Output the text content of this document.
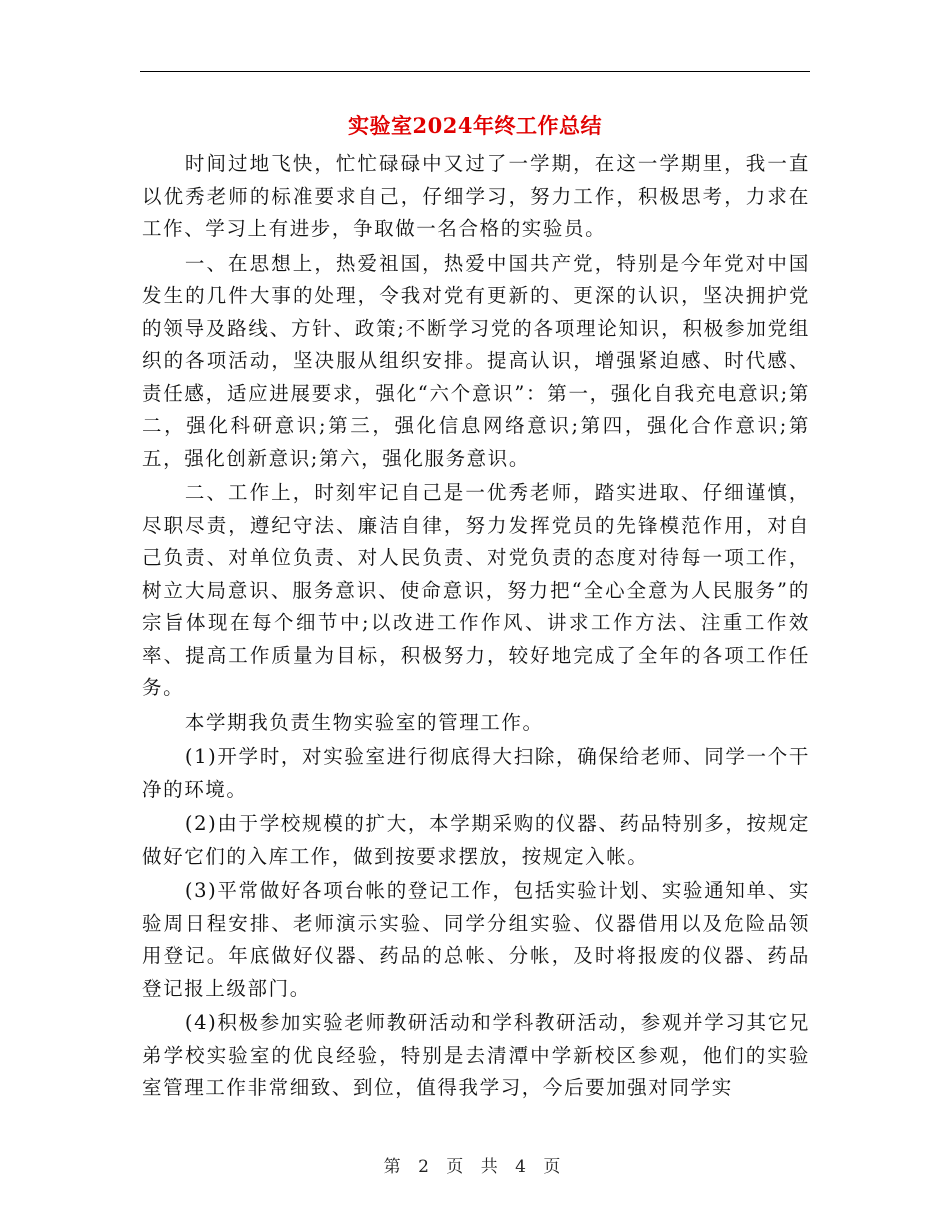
实验室2024年终工作总结

时间过地飞快，忙忙碌碌中又过了一学期，在这一学期里，我一直以优秀老师的标准要求自己，仔细学习，努力工作，积极思考，力求在工作、学习上有进步，争取做一名合格的实验员。

一、在思想上，热爱祖国，热爱中国共产党，特别是今年党对中国发生的几件大事的处理，令我对党有更新的、更深的认识，坚决拥护党的领导及路线、方针、政策;不断学习党的各项理论知识，积极参加党组织的各项活动，坚决服从组织安排。提高认识，增强紧迫感、时代感、责任感，适应进展要求，强化“六个意识”：第一，强化自我充电意识;第二，强化科研意识;第三，强化信息网络意识;第四，强化合作意识;第五，强化创新意识;第六，强化服务意识。

二、工作上，时刻牢记自己是一优秀老师，踏实进取、仔细谨慎，尽职尽责，遵纪守法、廉洁自律，努力发挥党员的先锋模范作用，对自己负责、对单位负责、对人民负责、对党负责的态度对待每一项工作，树立大局意识、服务意识、使命意识，努力把“全心全意为人民服务”的宗旨体现在每个细节中;以改进工作作风、讲求工作方法、注重工作效率、提高工作质量为目标，积极努力，较好地完成了全年的各项工作任务。

本学期我负责生物实验室的管理工作。

(1)开学时，对实验室进行彻底得大扫除，确保给老师、同学一个干净的环境。

(2)由于学校规模的扩大，本学期采购的仪器、药品特别多，按规定做好它们的入库工作，做到按要求摆放，按规定入帐。

(3)平常做好各项台帐的登记工作，包括实验计划、实验通知单、实验周日程安排、老师演示实验、同学分组实验、仪器借用以及危险品领用登记。年底做好仪器、药品的总帐、分帐，及时将报废的仪器、药品登记报上级部门。

(4)积极参加实验老师教研活动和学科教研活动，参观并学习其它兄弟学校实验室的优良经验，特别是去清潭中学新校区参观，他们的实验室管理工作非常细致、到位，值得我学习，今后要加强对同学实

第 2 页 共 4 页
